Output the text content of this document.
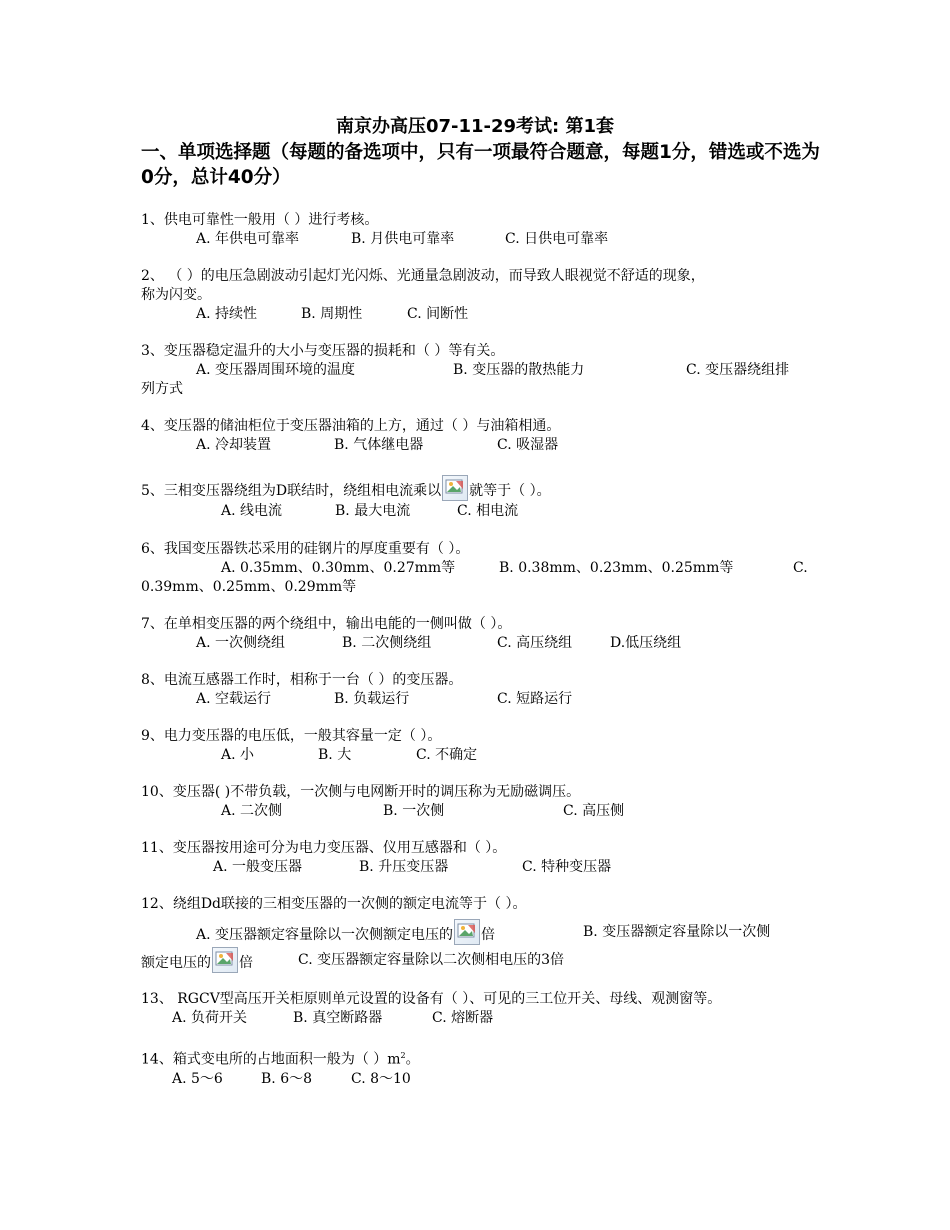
南京办高压07-11-29考试: 第1套
一、单项选择题（每题的备选项中，只有一项最符合题意，每题1分，错选或不选为0分，总计40分）
1、供电可靠性一般用（ ）进行考核。
A. 年供电可靠率	B. 月供电可靠率	C. 日供电可靠率
2、 （ ）的电压急剧波动引起灯光闪烁、光通量急剧波动，而导致人眼视觉不舒适的现象，
称为闪变。
A. 持续性	B. 周期性	C. 间断性
3、变压器稳定温升的大小与变压器的损耗和（ ）等有关。
A. 变压器周围环境的温度	B. 变压器的散热能力	C. 变压器绕组排
列方式
4、变压器的储油柜位于变压器油箱的上方，通过（ ）与油箱相通。
A. 冷却装置	B. 气体继电器	C. 吸湿器
5、三相变压器绕组为D联结时，绕组相电流乘以 就等于（ ）。
A. 线电流	B. 最大电流	C. 相电流
6、我国变压器铁芯采用的硅钢片的厚度重要有（ ）。
A. 0.35mm、0.30mm、0.27mm等	B. 0.38mm、0.23mm、0.25mm等	C.
0.39mm、0.25mm、0.29mm等
7、在单相变压器的两个绕组中，输出电能的一侧叫做（ ）。
A. 一次侧绕组	B. 二次侧绕组	C. 高压绕组	D.低压绕组
8、电流互感器工作时，相称于一台（ ）的变压器。
A. 空载运行	B. 负载运行	C. 短路运行
9、电力变压器的电压低，一般其容量一定（ ）。
A. 小	B. 大	C. 不确定
10、变压器( )不带负载，一次侧与电网断开时的调压称为无励磁调压。
A. 二次侧	B. 一次侧	C. 高压侧
11、变压器按用途可分为电力变压器、仪用互感器和（ ）。
A. 一般变压器	B. 升压变压器	C. 特种变压器
12、绕组Dd联接的三相变压器的一次侧的额定电流等于（ ）。
A. 变压器额定容量除以一次侧额定电压的 倍	B. 变压器额定容量除以一次侧
额定电压的 倍	C. 变压器额定容量除以二次侧相电压的3倍
13、 RGCV型高压开关柜原则单元设置的设备有（ ）、可见的三工位开关、母线、观测窗等。
A. 负荷开关	B. 真空断路器	C. 熔断器
14、箱式变电所的占地面积一般为（ ）$m^2$。
A. 5～6	B. 6～8	C. 8～10
